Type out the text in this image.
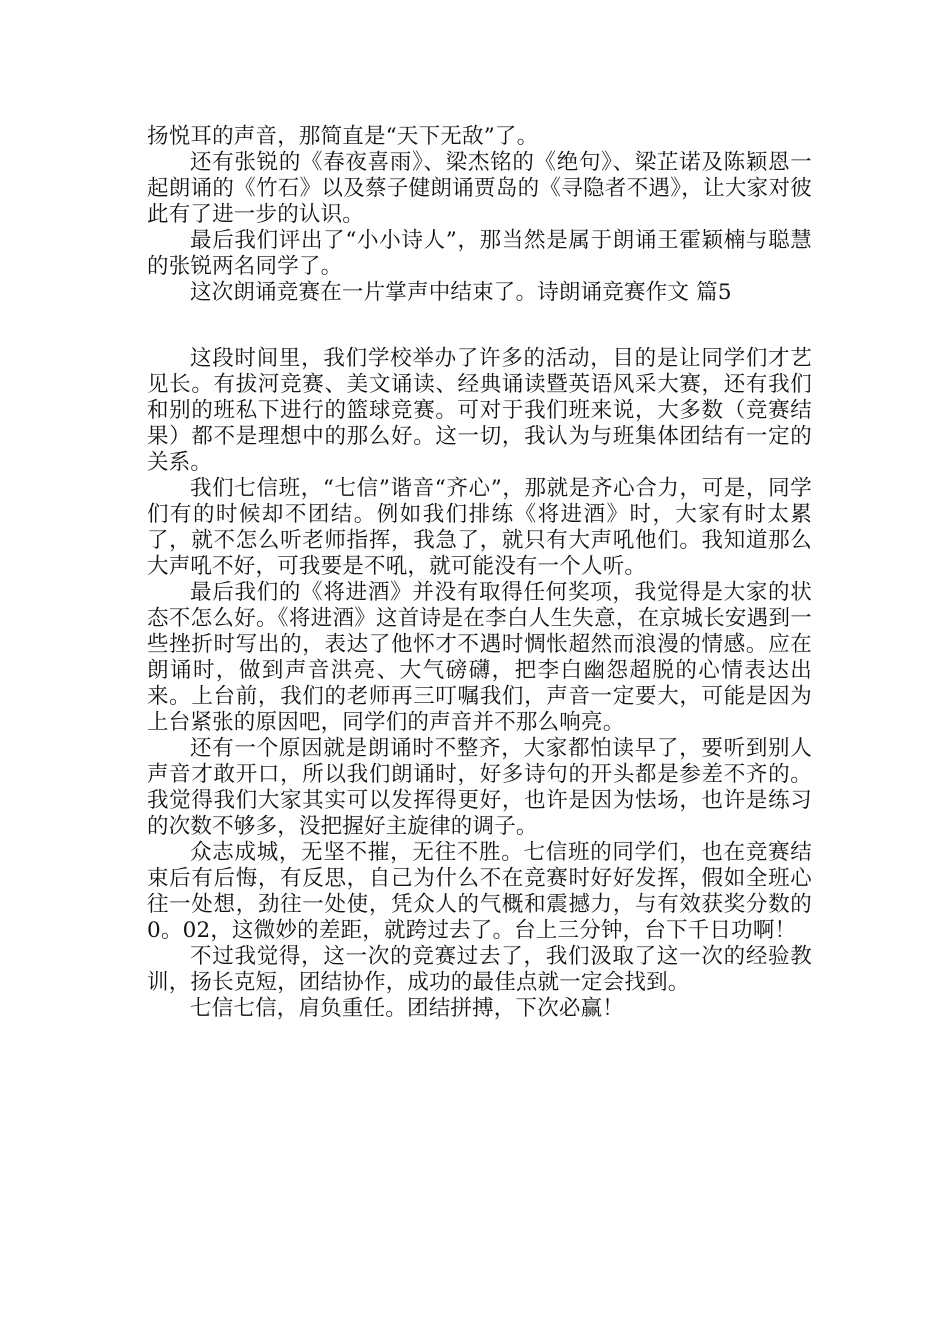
扬悦耳的声音，那简直是“天下无敌”了。

还有张锐的《春夜喜雨》、梁杰铭的《绝句》、梁芷诺及陈颖恩一起朗诵的《竹石》以及蔡子健朗诵贾岛的《寻隐者不遇》，让大家对彼此有了进一步的认识。

最后我们评出了“小小诗人”，那当然是属于朗诵王霍颖楠与聪慧的张锐两名同学了。

这次朗诵竞赛在一片掌声中结束了。诗朗诵竞赛作文 篇5

这段时间里，我们学校举办了许多的活动，目的是让同学们才艺见长。有拔河竞赛、美文诵读、经典诵读暨英语风采大赛，还有我们和别的班私下进行的篮球竞赛。可对于我们班来说，大多数（竞赛结果）都不是理想中的那么好。这一切，我认为与班集体团结有一定的关系。

我们七信班，“七信”谐音“齐心”，那就是齐心合力，可是，同学们有的时候却不团结。例如我们排练《将进酒》时，大家有时太累了，就不怎么听老师指挥，我急了，就只有大声吼他们。我知道那么大声吼不好，可我要是不吼，就可能没有一个人听。

最后我们的《将进酒》并没有取得任何奖项，我觉得是大家的状态不怎么好。《将进酒》这首诗是在李白人生失意，在京城长安遇到一些挫折时写出的，表达了他怀才不遇时惆怅超然而浪漫的情感。应在朗诵时，做到声音洪亮、大气磅礴，把李白幽怨超脱的心情表达出来。上台前，我们的老师再三叮嘱我们，声音一定要大，可能是因为上台紧张的原因吧，同学们的声音并不那么响亮。

还有一个原因就是朗诵时不整齐，大家都怕读早了，要听到别人声音才敢开口，所以我们朗诵时，好多诗句的开头都是参差不齐的。我觉得我们大家其实可以发挥得更好，也许是因为怯场，也许是练习的次数不够多，没把握好主旋律的调子。

众志成城，无坚不摧，无往不胜。七信班的同学们，也在竞赛结束后有后悔，有反思，自己为什么不在竞赛时好好发挥，假如全班心往一处想，劲往一处使，凭众人的气概和震撼力，与有效获奖分数的0。02，这微妙的差距，就跨过去了。台上三分钟，台下千日功啊！

不过我觉得，这一次的竞赛过去了，我们汲取了这一次的经验教训，扬长克短，团结协作，成功的最佳点就一定会找到。

七信七信，肩负重任。团结拼搏，下次必赢！
